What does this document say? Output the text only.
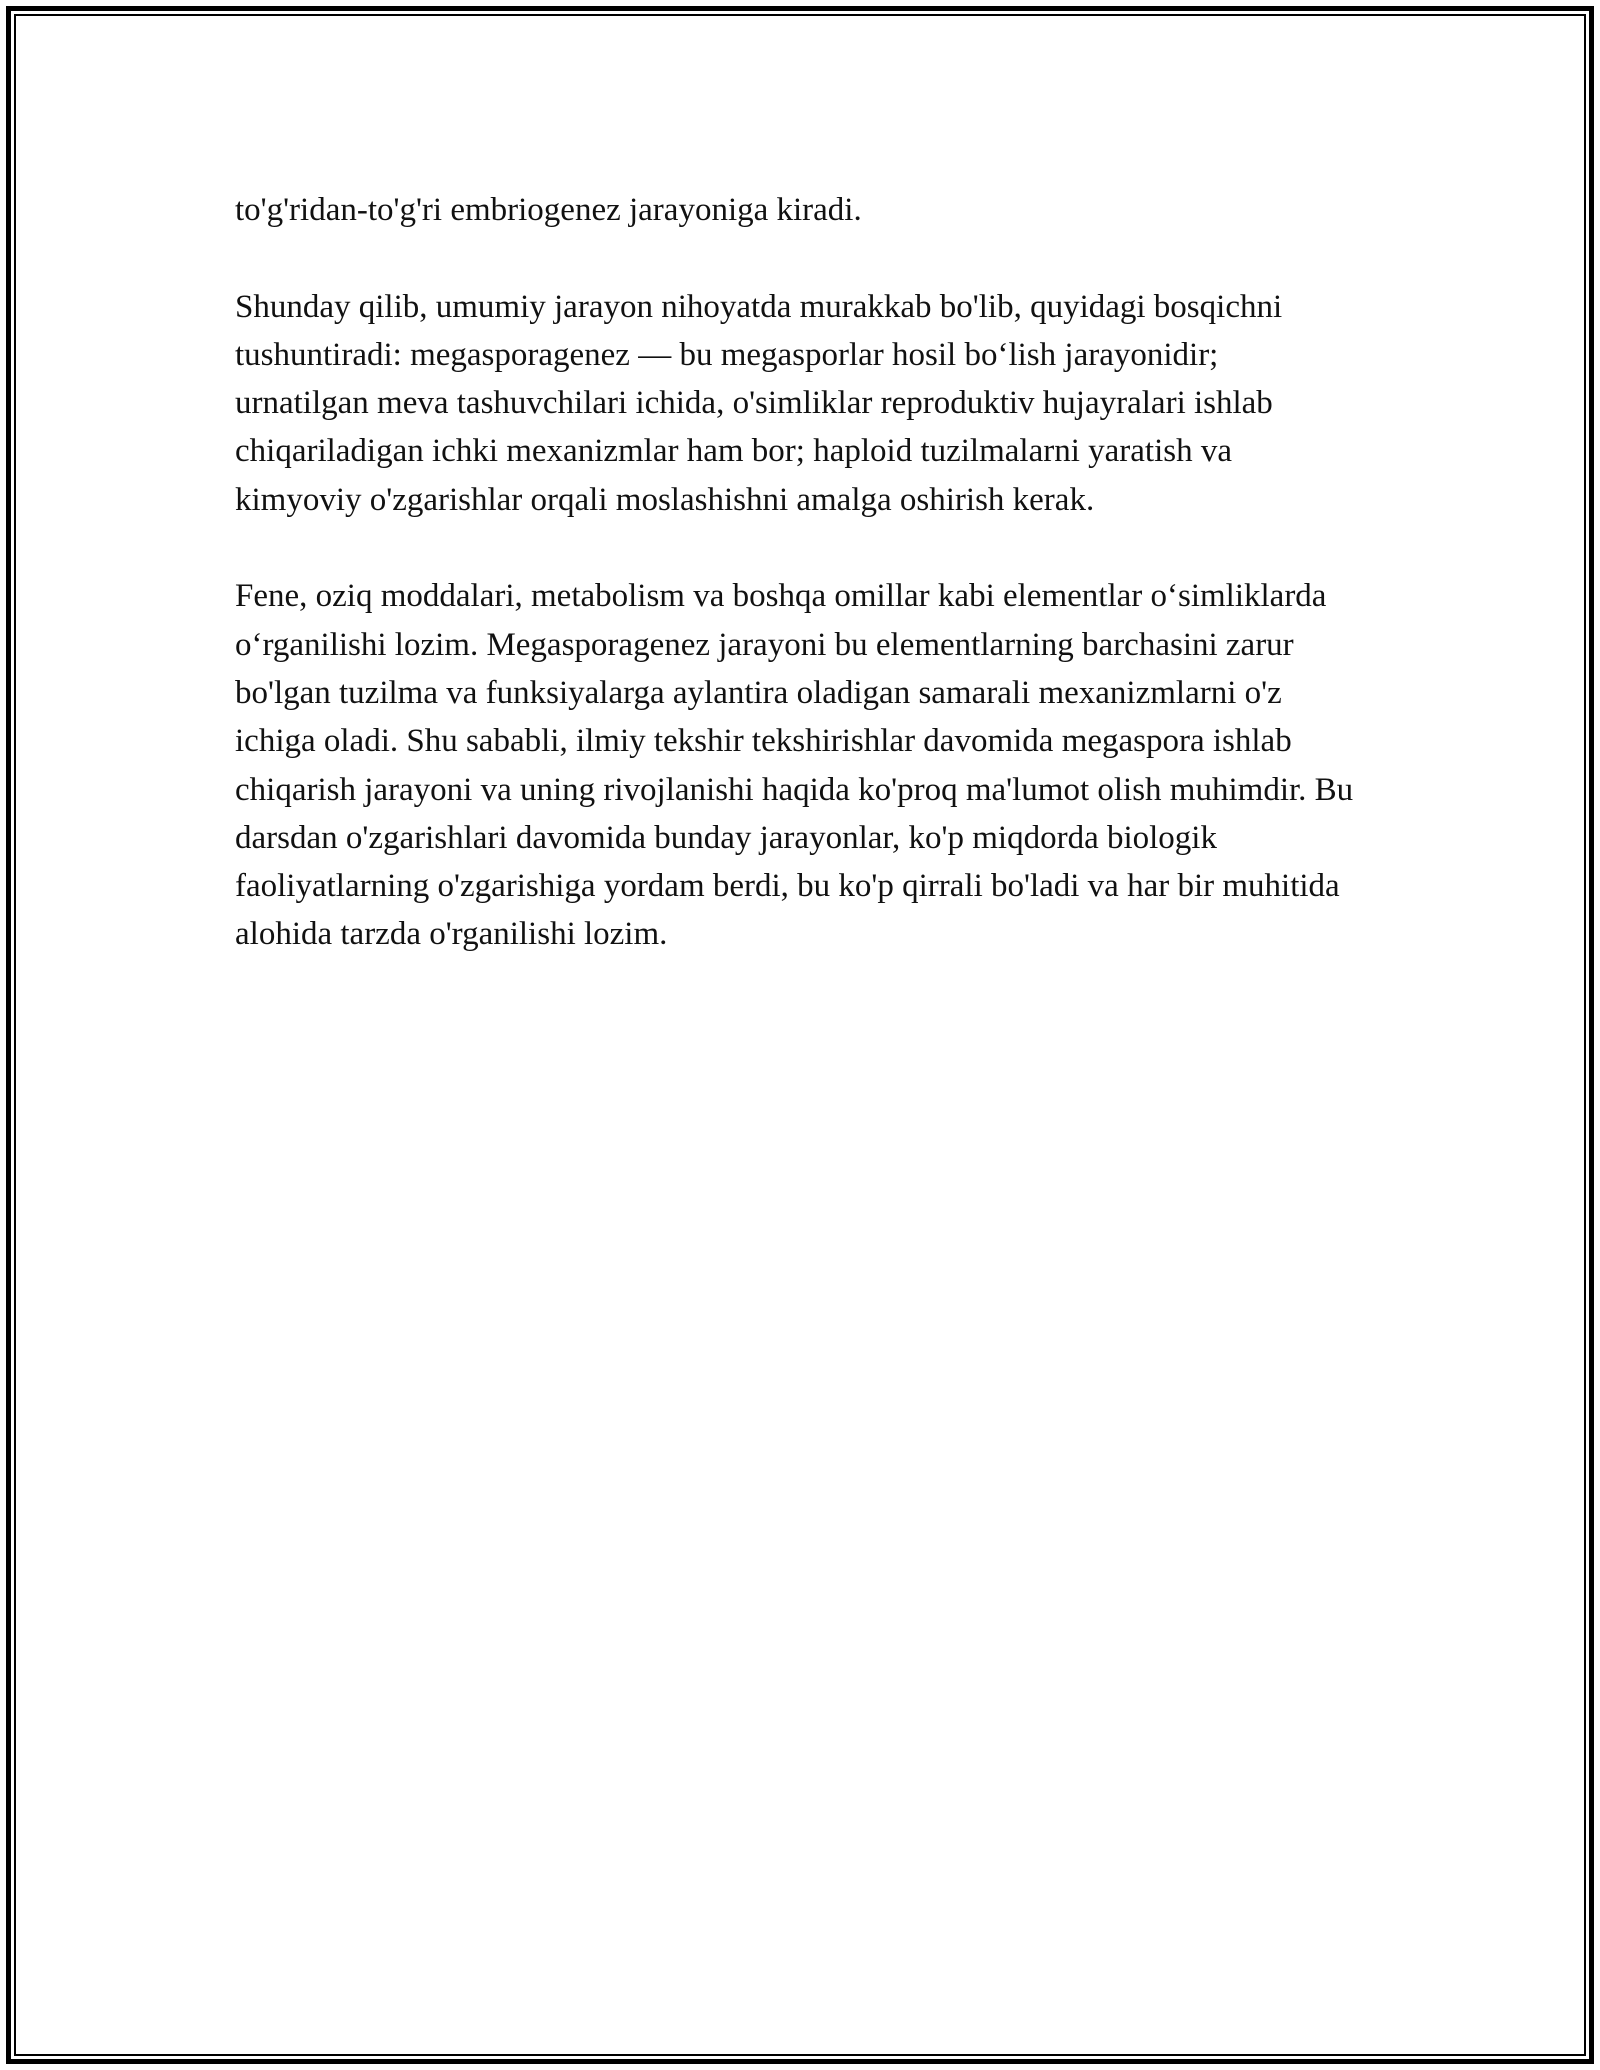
to'g'ridan-to'g'ri embriogenez jarayoniga kiradi.

Shunday qilib, umumiy jarayon nihoyatda murakkab bo'lib, quyidagi bosqichni tushuntiradi: megasporagenez — bu megasporlar hosil bo‘lish jarayonidir; urnatilgan meva tashuvchilari ichida, o'simliklar reproduktiv hujayralari ishlab chiqariladigan ichki mexanizmlar ham bor; haploid tuzilmalarni yaratish va kimyoviy o'zgarishlar orqali moslashishni amalga oshirish kerak.

Fene, oziq moddalari, metabolism va boshqa omillar kabi elementlar o‘simliklarda o‘rganilishi lozim. Megasporagenez jarayoni bu elementlarning barchasini zarur bo'lgan tuzilma va funksiyalarga aylantira oladigan samarali mexanizmlarni o'z ichiga oladi. Shu sababli, ilmiy tekshir tekshirishlar davomida megaspora ishlab chiqarish jarayoni va uning rivojlanishi haqida ko'proq ma'lumot olish muhimdir. Bu darsdan o'zgarishlari davomida bunday jarayonlar, ko'p miqdorda biologik faoliyatlarning o'zgarishiga yordam berdi, bu ko'p qirrali bo'ladi va har bir muhitida alohida tarzda o'rganilishi lozim.
